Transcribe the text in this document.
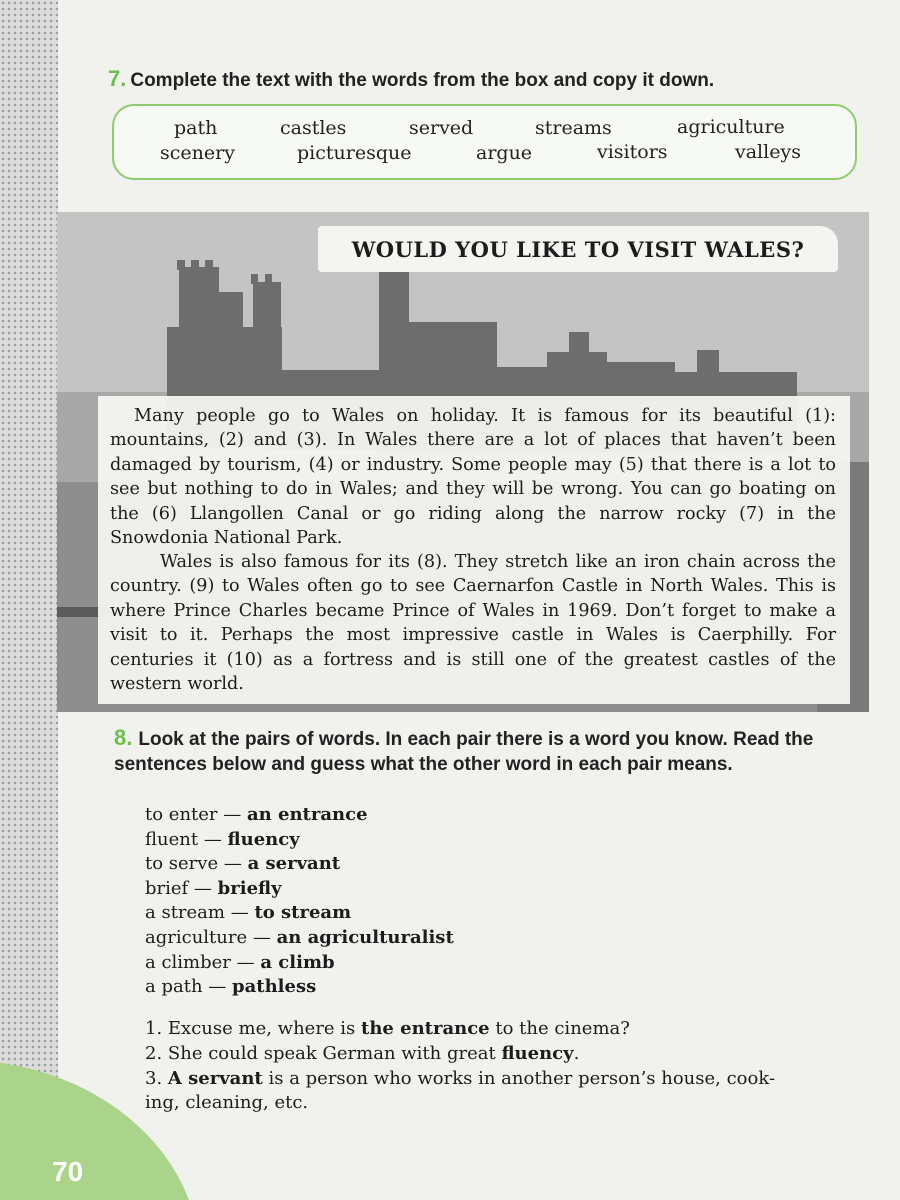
70
7. Complete the text with the words from the box and copy it down.
path	castles	served	streams	agriculture
scenery	picturesque	argue	visitors	valleys
WOULD YOU LIKE TO VISIT WALES?

Many people go to Wales on holiday. It is famous for its beautiful (1): mountains, (2) and (3). In Wales there are a lot of places that haven’t been damaged by tourism, (4) or industry. Some people may (5) that there is a lot to see but nothing to do in Wales; and they will be wrong. You can go boating on the (6) Llangollen Canal or go riding along the narrow rocky (7) in the Snowdonia National Park.

Wales is also famous for its (8). They stretch like an iron chain across the country. (9) to Wales often go to see Caernarfon Castle in North Wales. This is where Prince Charles became Prince of Wales in 1969. Don’t forget to make a visit to it. Perhaps the most impressive castle in Wales is Caerphilly. For centuries it (10) as a fortress and is still one of the greatest castles of the western world.

8. Look at the pairs of words. In each pair there is a word you know. Read the sentences below and guess what the other word in each pair means.
to enter — an entrance
fluent — fluency
to serve — a servant
brief — briefly
a stream — to stream
agriculture — an agriculturalist
a climber — a climb
a path — pathless
1. Excuse me, where is the entrance to the cinema?
2. She could speak German with great fluency.
3. A servant is a person who works in another person’s house, cook-
ing, cleaning, etc.
